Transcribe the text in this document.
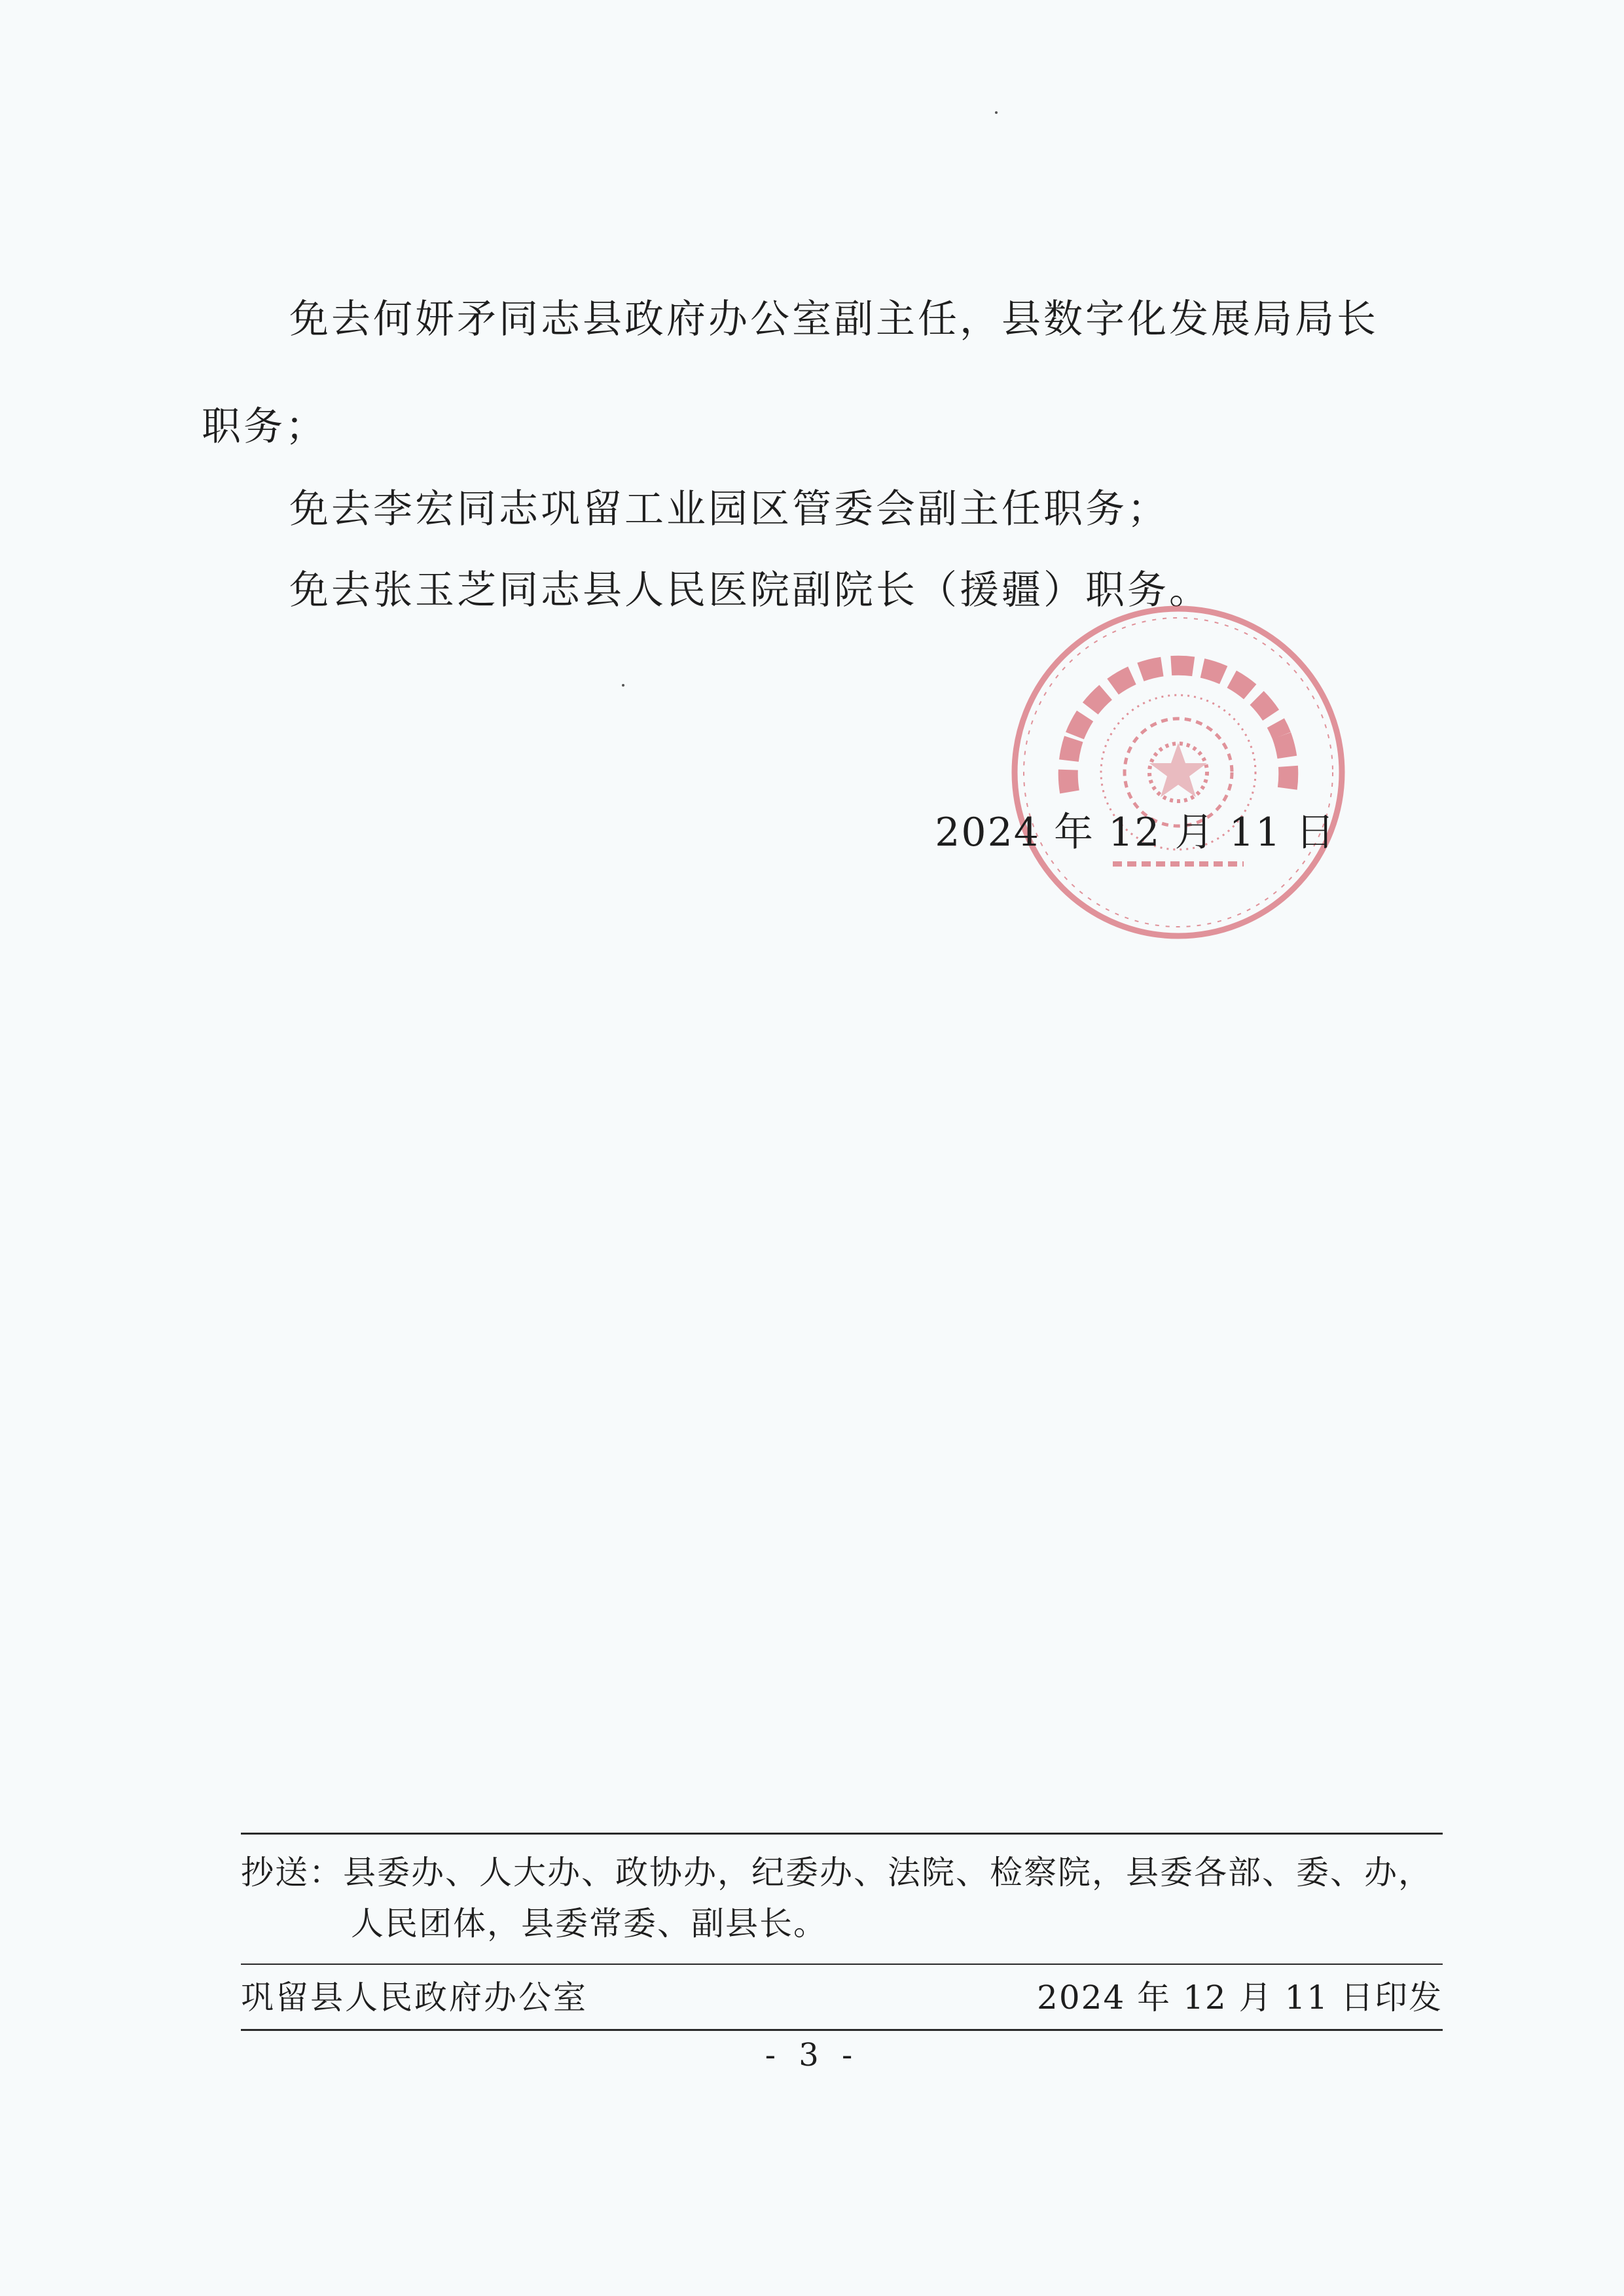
免去何妍矛同志县政府办公室副主任，县数字化发展局局长
职务；
免去李宏同志巩留工业园区管委会副主任职务；
免去张玉芝同志县人民医院副院长（援疆）职务。
2024 年 12 月 11 日
抄送：县委办、人大办、政协办，纪委办、法院、检察院，县委各部、委、办，
人民团体，县委常委、副县长。
巩留县人民政府办公室	2024 年 12 月 11 日印发
- 3 -
